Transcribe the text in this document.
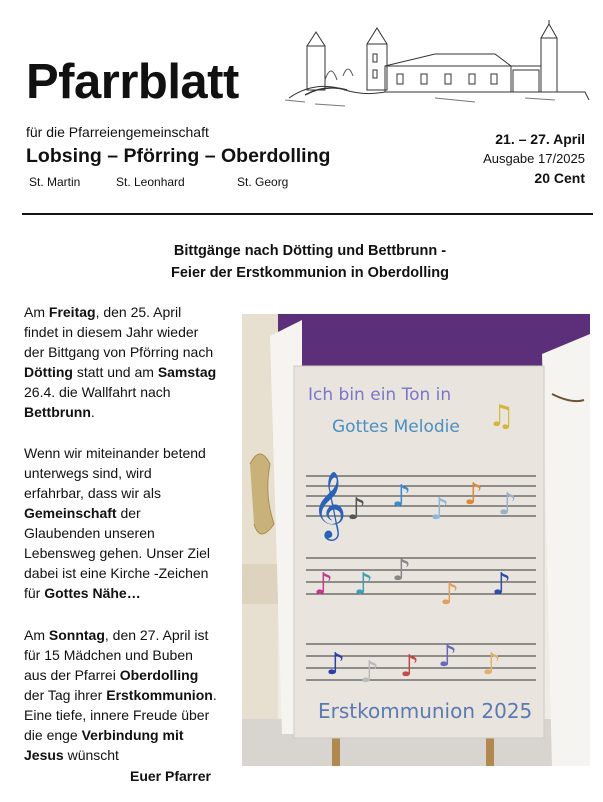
Pfarrblatt
für die Pfarreiengemeinschaft
Lobsing – Pförring – Oberdolling
St. Martin	St. Leonhard	St. Georg
21. – 27. April
Ausgabe 17/2025
20 Cent
Bittgänge nach Dötting und Bettbrunn -
Feier der Erstkommunion in Oberdolling
Am Freitag, den 25. April
findet in diesem Jahr wieder
der Bittgang von Pförring nach
Dötting statt und am Samstag
26.4. die Wallfahrt nach
Bettbrunn.
Wenn wir miteinander betend
unterwegs sind, wird
erfahrbar, dass wir als
Gemeinschaft der
Glaubenden unseren
Lebensweg gehen. Unser Ziel
dabei ist eine Kirche -Zeichen
für Gottes Nähe…
Am Sonntag, den 27. April ist
für 15 Mädchen und Buben
aus der Pfarrei Oberdolling
der Tag ihrer Erstkommunion.
Eine tiefe, innere Freude über
die enge Verbindung mit
Jesus wünscht
Euer Pfarrer
Ich bin ein Ton in
Gottes Melodie
𝄞 ♪ ♪ ♪ ♪ ♪
♪ ♪ ♪
♪ ♪
♪ ♪ ♪ ♪ ♪
♫
Erstkommunion 2025
